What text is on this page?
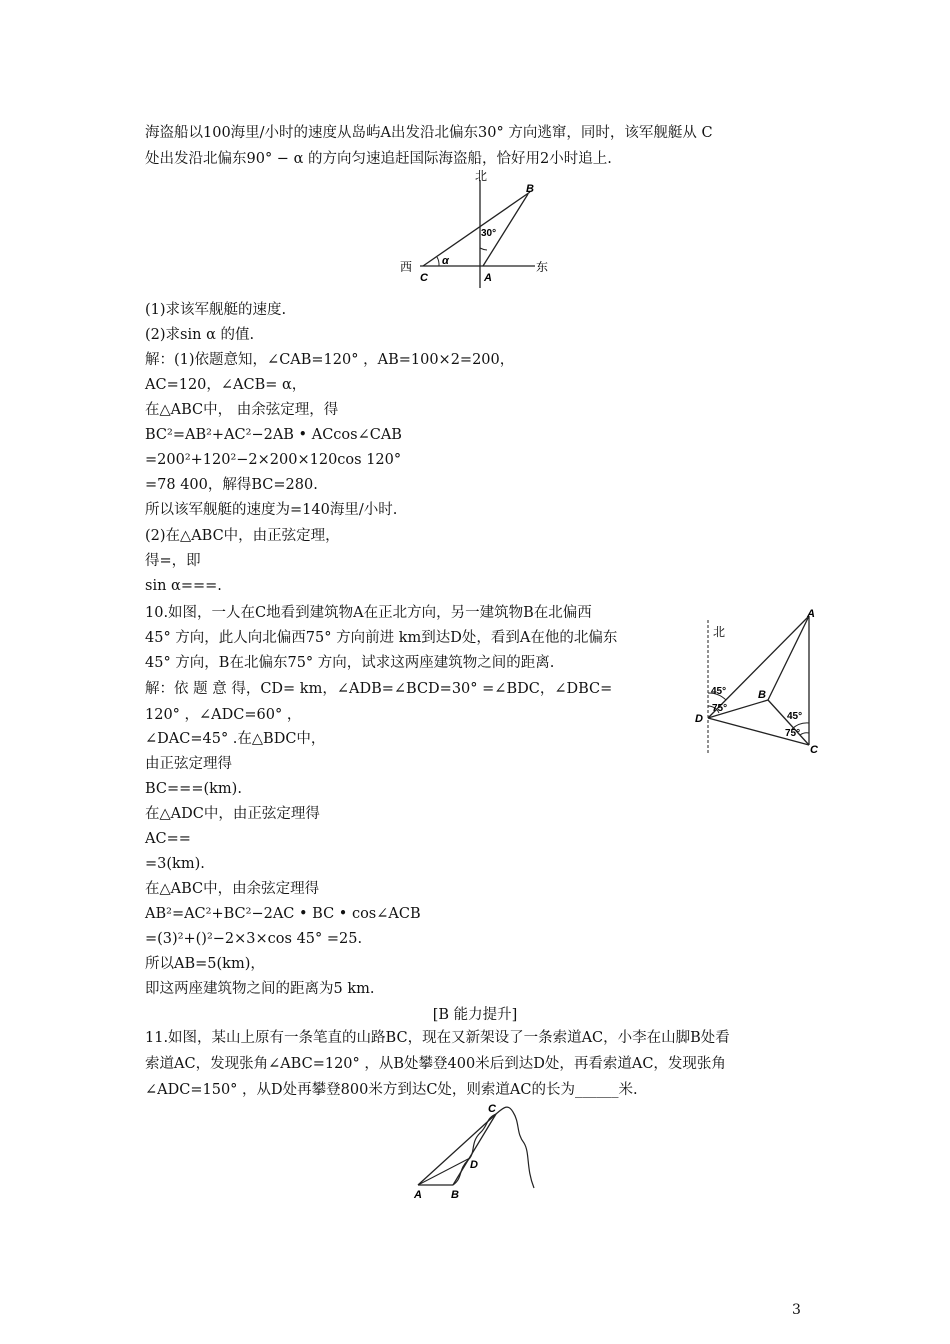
海盗船以100海里/小时的速度从岛屿A出发沿北偏东30° 方向逃窜，同时，该军舰艇从 C
处出发沿北偏东90° − α 的方向匀速追赶国际海盗船，恰好用2小时追上.
北
西	东
B
C	A
30°
α
(1)求该军舰艇的速度.
(2)求sin α 的值.
解：(1)依题意知，∠CAB=120° ，AB=100×2=200，
AC=120，∠ACB= α，
在△ABC中， 由余弦定理，得
BC²=AB²+AC²−2AB • ACcos∠CAB
=200²+120²−2×200×120cos 120°
=78 400，解得BC=280.
所以该军舰艇的速度为=140海里/小时.
(2)在△ABC中，由正弦定理，
得=，即
sin α===.
10.如图，一人在C地看到建筑物A在正北方向，另一建筑物B在北偏西
45° 方向，此人向北偏西75° 方向前进 km到达D处，看到A在他的北偏东
45° 方向，B在北偏东75° 方向，试求这两座建筑物之间的距离.
解：依 题 意 得，CD= km，∠ADB=∠BCD=30° =∠BDC，∠DBC=
120° ，∠ADC=60° ，
∠DAC=45° .在△BDC中，
由正弦定理得
BC===(km).
在△ADC中，由正弦定理得
AC==
=3(km).
在△ABC中，由余弦定理得
AB²=AC²+BC²−2AC • BC • cos∠ACB
=(3)²+()²−2×3×cos 45° =25.
所以AB=5(km)，
即这两座建筑物之间的距离为5 km.
北
A
B
C
D
45°
75°
45°
75°
[B 能力提升]
11.如图，某山上原有一条笔直的山路BC，现在又新架设了一条索道AC，小李在山脚B处看
索道AC，发现张角∠ABC=120° ，从B处攀登400米后到达D处，再看索道AC，发现张角
∠ADC=150° ，从D处再攀登800米方到达C处，则索道AC的长为______米.
C
D
A	B
3
